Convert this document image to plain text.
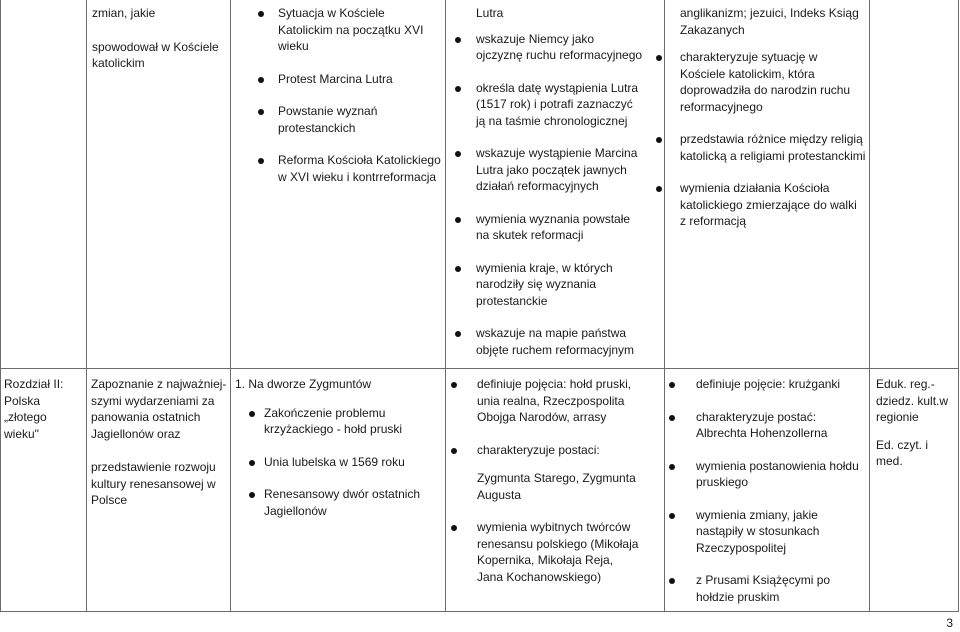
zmian, jakie

spowodował w Kościele katolickim

Sytuacja w Kościele Katolickim na początku XVI wieku
Protest Marcina Lutra
Powstanie wyznań protestanckich
Reforma Kościoła Katolickiego w XVI wieku i kontrreformacja

Lutra

wskazuje Niemcy jako ojczyznę ruchu reformacyjnego
określa datę wystąpienia Lutra (1517 rok) i potrafi zaznaczyć ją na taśmie chronologicznej
wskazuje wystąpienie Marcina Lutra jako początek jawnych działań reformacyjnych
wymienia wyznania powstałe na skutek reformacji
wymienia kraje, w których narodziły się wyznania protestanckie
wskazuje na mapie państwa objęte ruchem reformacyjnym

anglikanizm; jezuici, Indeks Ksiąg Zakazanych

charakteryzuje sytuację w Kościele katolickim, która doprowadziła do narodzin ruchu reformacyjnego
przedstawia różnice między religią katolicką a religiami protestanckimi
wymienia działania Kościoła katolickiego zmierzające do walki z reformacją

Rozdział II: Polska „złotego wieku"

Zapoznanie z najważniej-szymi wydarzeniami za panowania ostatnich Jagiellonów oraz

przedstawienie rozwoju kultury renesansowej w Polsce

1. Na dworze Zygmuntów

Zakończenie problemu krzyżackiego - hołd pruski
Unia lubelska w 1569 roku
Renesansowy dwór ostatnich Jagiellonów
definiuje pojęcia: hołd pruski, unia realna, Rzeczpospolita Obojga Narodów, arrasy
charakteryzuje postaci:

Zygmunta Starego, Zygmunta Augusta

wymienia wybitnych twórców renesansu polskiego (Mikołaja Kopernika, Mikołaja Reja, Jana Kochanowskiego)
definiuje pojęcie: krużganki
charakteryzuje postać: Albrechta Hohenzollerna
wymienia postanowienia hołdu pruskiego
wymienia zmiany, jakie nastąpiły w stosunkach Rzeczypospolitej
z Prusami Książęcymi po hołdzie pruskim

Eduk. reg.-dziedz. kult.w regionie

Ed. czyt. i med.

3
